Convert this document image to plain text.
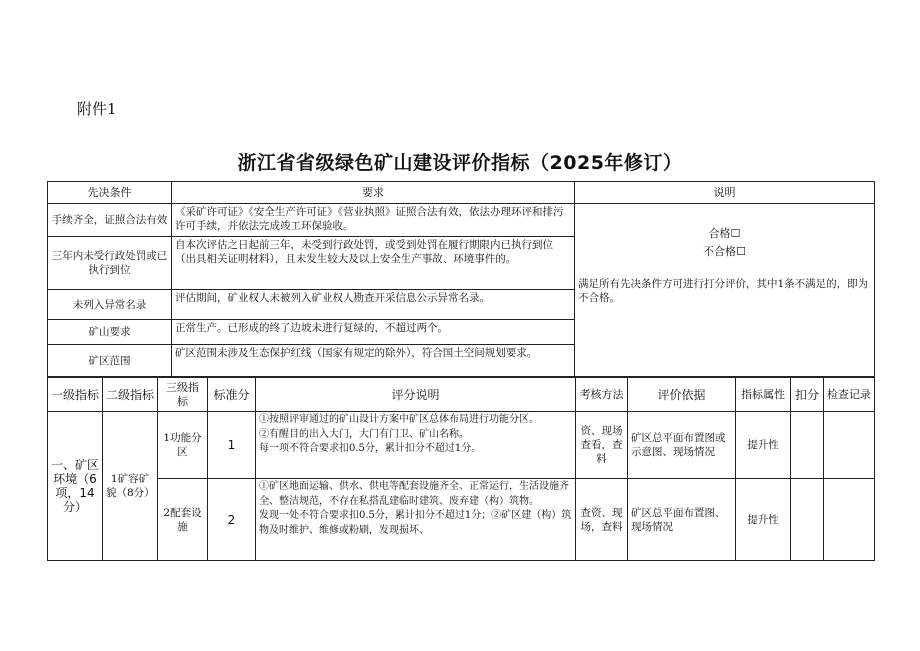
附件1
浙江省省级绿色矿山建设评价指标（2025年修订）
先决条件	要求	说明
手续齐全，证照合法有效	《采矿许可证》《安全生产许可证》《营业执照》证照合法有效，依法办理环评和排污许可手续，并依法完成竣工环保验收。	合格☐
不合格☐
满足所有先决条件方可进行打分评价，其中1条不满足的，即为不合格。

三年内未受行政处罚或已执行到位	自本次评估之日起前三年，未受到行政处罚，或受到处罚在履行期限内已执行到位（出具相关证明材料），且未发生较大及以上安全生产事故、环境事件的。	
未列入异常名录	评估期间，矿业权人未被列入矿业权人勘查开采信息公示异常名录。	
矿山要求	正常生产。已形成的终了边坡未进行复绿的，不超过两个。	
矿区范围	矿区范围未涉及生态保护红线（国家有规定的除外），符合国土空间规划要求。	
一级指标	二级指标	三级指标	标准分	评分说明	考核方法	评价依据	指标属性	扣分	检查记录
一、矿区环境（6项，14分）	1矿容矿貌（8分）	1功能分区	1	①按照评审通过的矿山设计方案中矿区总体布局进行功能分区。
②有醒目的出入大门，大门有门卫、矿山名称。
每一项不符合要求扣0.5分，累计扣分不超过1分。	资、现场查看，查料	矿区总平面布置图或示意图、现场情况	提升性		
		2配套设施	2	①矿区地面运输、供水、供电等配套设施齐全、正常运行，生活设施齐全、整洁规范，不存在私搭乱建临时建筑、废弃建（构）筑物。
发现一处不符合要求扣0.5分，累计扣分不超过1分；②矿区建（构）筑物及时维护、维修或粉刷，发现损坏、	查资、现场，查料	矿区总平面布置图、现场情况	提升性		
